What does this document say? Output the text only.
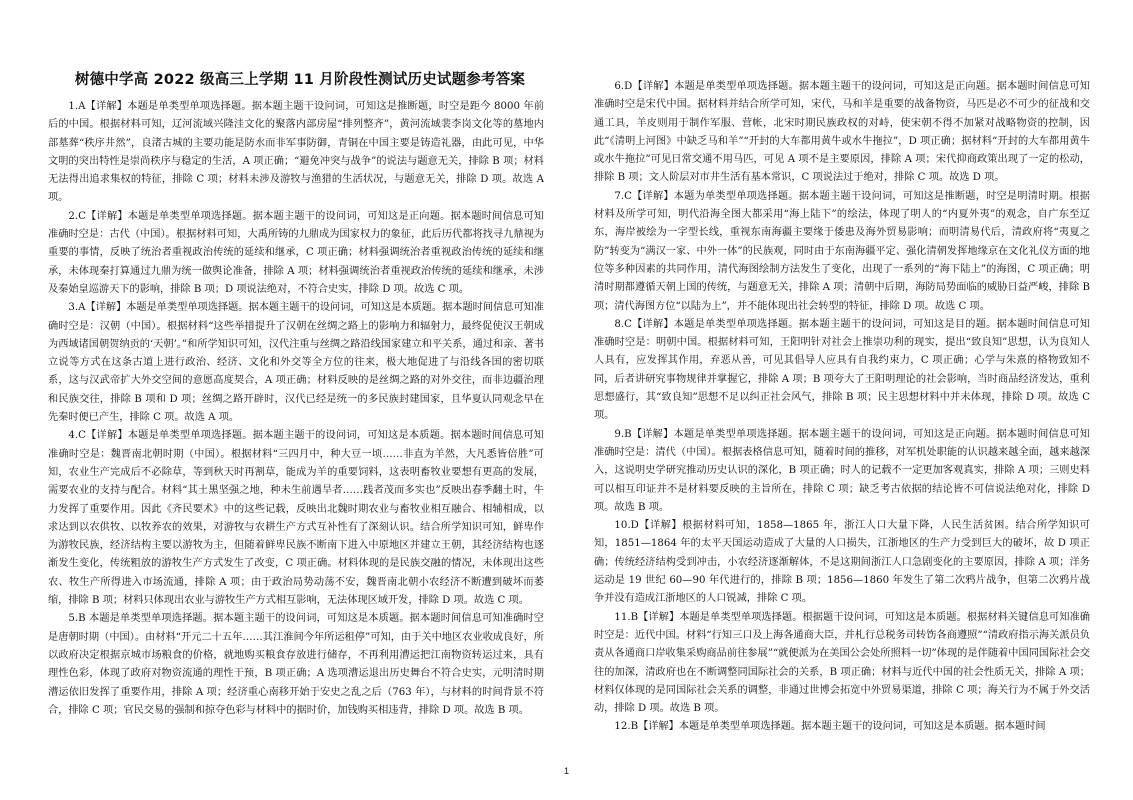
树德中学高 2022 级高三上学期 11 月阶段性测试历史试题参考答案

1.A【详解】本题是单类型单项选择题。据本题主题干设问词，可知这是推断题，时空是距今 8000 年前后的中国。根据材料可知，辽河流域兴隆洼文化的聚落内部房屋“排列整齐”，黄河流域裴李岗文化等的墓地内部墓葬“秩序井然”，良渚古城的主要功能是防水而非军事防御，青铜在中国主要是铸造礼器，由此可见，中华文明的突出特性是崇尚秩序与稳定的生活，A 项正确；“避免冲突与战争”的说法与题意无关，排除 B 项；材料无法得出追求集权的特征，排除 C 项；材料未涉及游牧与渔猎的生活状况，与题意无关，排除 D 项。故选 A 项。

2.C【详解】本题是单类型单项选择题。据本题主题干的设问词，可知这是正向题。据本题时间信息可知准确时空是：古代（中国）。根据材料可知，大禹所铸的九鼎成为国家权力的象征，此后历代都将找寻九鼎视为重要的事情，反映了统治者重视政治传统的延续和继承，C 项正确；材料强调统治者重视政治传统的延续和继承，未体现秦打算通过九鼎为统一做舆论准备，排除 A 项；材料强调统治者重视政治传统的延续和继承，未涉及秦始皇巡游天下的影响，排除 B 项；D 项说法绝对，不符合史实，排除 D 项。故选 C 项。

3.A【详解】本题是单类型单项选择题。据本题主题干的设问词，可知这是本质题。据本题时间信息可知准确时空是：汉朝（中国）。根据材料“这些举措提升了汉朝在丝绸之路上的影响力和辐射力，最终促使汉王朝成为西域诸国朝贺纳贡的‘天朝’。”和所学知识可知，汉代注重与丝绸之路沿线国家建立和平关系，通过和亲、著书立说等方式在这条古道上进行政治、经济、文化和外交等全方位的往来，极大地促进了与沿线各国的密切联系，这与汉武帝扩大外交空间的意愿高度契合，A 项正确；材料反映的是丝绸之路的对外交往，而非边疆治理和民族交往，排除 B 项和 D 项；丝绸之路开辟时，汉代已经是统一的多民族封建国家，且华夏认同观念早在先秦时便已产生，排除 C 项。故选 A 项。

4.C【详解】本题是单类型单项选择题。据本题主题干的设问词，可知这是本质题。据本题时间信息可知准确时空是：魏晋南北朝时期（中国）。根据材料“三四月中，种大豆一顷……非直为羊然，大凡悉皆倍胜”可知，农业生产完成后不必除草，等到秋天时再割草，能成为羊的重要饲料，这表明畜牧业要想有更高的发展，需要农业的支持与配合。材料“其土黑坚强之地，种未生前遇旱者……践者茂而多实也”反映出春季翻土时，牛力发挥了重要作用。因此《齐民要术》中的这些记载，反映出北魏时期农业与畜牧业相互融合、相辅相成，以求达到以农供牧、以牧养农的效果，对游牧与农耕生产方式互补性有了深刻认识。结合所学知识可知，鲜卑作为游牧民族，经济结构主要以游牧为主，但随着鲜卑民族不断南下进入中原地区并建立王朝，其经济结构也逐渐发生变化，传统粗放的游牧生产方式发生了改变，C 项正确。材料体现的是民族交融的情况，未体现出这些农、牧生产所得进入市场流通，排除 A 项；由于政治局势动荡不安，魏晋南北朝小农经济不断遭到破坏而萎缩，排除 B 项；材料只体现出农业与游牧生产方式相互影响，无法体现区域开发，排除 D 项。故选 C 项。

5.B 本题是单类型单项选择题。据本题主题干的设问词，可知这是本质题。据本题时间信息可知准确时空是唐朝时期（中国）。由材料“开元二十五年……其江淮间今年所运租停”可知，由于关中地区农业收成良好，所以政府决定根据京城市场粮食的价格，就地购买粮食存放进行储存，不再利用漕运把江南物资转运过来，具有理性色彩，体现了政府对物资流通的理性干预，B 项正确；A 选项漕运退出历史舞台不符合史实，元明清时期漕运依旧发挥了重要作用，排除 A 项；经济重心南移开始于安史之乱之后（763 年），与材料的时间背景不符合，排除 C 项；官民交易的强制和掠夺色彩与材料中的据时价，加钱购买相违背，排除 D 项。故选 B 项。

6.D【详解】本题是单类型单项选择题。据本题主题干的设问词，可知这是正向题。据本题时间信息可知准确时空是宋代中国。据材料并结合所学可知，宋代，马和羊是重要的战备物资，马匹是必不可少的征战和交通工具，羊皮则用于制作军服、营帐，北宋时期民族政权的对峙，使宋朝不得不加紧对战略物资的控制，因此“《清明上河图》中缺乏马和羊”“开封的大车都用黄牛或水牛拖拉”，D 项正确；据材料“开封的大车都用黄牛或水牛拖拉”可见日常交通不用马匹，可见 A 项不是主要原因，排除 A 项；宋代抑商政策出现了一定的松动，排除 B 项；文人阶层对市井生活有基本常识，C 项说法过于绝对，排除 C 项。故选 D 项。

7.C【详解】本题为单类型单项选择题。据本题主题干设问词，可知这是推断题，时空是明清时期。根据材料及所学可知，明代沿海全图大都采用“海上陆下”的绘法，体现了明人的“内夏外夷”的观念，自广东至辽东，海岸被绘为一字型长线，重视东南海疆主要缘于倭患及海外贸易影响；而明清易代后，清政府将“夷夏之防”转变为“满汉一家、中外一体”的民族观，同时由于东南海疆平定、强化清朝发挥地缘京在文化礼仪方面的地位等多种因素的共同作用，清代海图绘制方法发生了变化，出现了一系列的“海下陆上”的海图，C 项正确；明清时期都遵循天朝上国的传统，与题意无关，排除 A 项；清朝中后期，海防局势面临的威胁日益严峻，排除 B 项；清代海图方位“以陆为上”，并不能体现出社会转型的特征，排除 D 项。故选 C 项。

8.C【详解】本题是单类型单项选择题。据本题主题干的设问词，可知这是目的题。据本题时间信息可知准确时空是：明朝中国。根据材料可知，王阳明针对社会上推崇功利的现实，提出“致良知”思想，认为良知人人具有，应发挥其作用，弃恶从善，可见其倡导人应具有自我约束力，C 项正确；心学与朱熹的格物致知不同，后者讲研究事物规律并掌握它，排除 A 项；B 项夸大了王阳明理论的社会影响，当时商品经济发达，重利思想盛行，其“致良知”思想不足以纠正社会风气，排除 B 项；民主思想材料中并未体现，排除 D 项。故选 C 项。

9.B【详解】本题是单类型单项选择题。据本题主题干的设问词，可知这是正向题。据本题时间信息可知准确时空是：清代（中国）。根据表格信息可知，随着时间的推移，对军机处职能的认识越来越全面，越来越深入，这说明史学研究推动历史认识的深化，B 项正确；时人的记载不一定更加客观真实，排除 A 项；三则史料可以相互印证并不是材料要反映的主旨所在，排除 C 项；缺乏考古依据的结论皆不可信说法绝对化，排除 D 项。故选 B 项。

10.D【详解】根据材料可知，1858—1865 年，浙江人口大量下降，人民生活贫困。结合所学知识可知，1851—1864 年的太平天国运动造成了大量的人口损失，江浙地区的生产力受到巨大的破坏，故 D 项正确；传统经济结构受到冲击，小农经济逐渐解体，不是这期间浙江人口急剧变化的主要原因，排除 A 项；洋务运动是 19 世纪 60—90 年代进行的，排除 B 项；1856—1860 年发生了第二次鸦片战争，但第二次鸦片战争并没有造成江浙地区的人口锐减，排除 C 项。

11.B【详解】本题是单类型单项选择题。根据题干设问词，可知这是本质题。根据材料关键信息可知准确时空是：近代中国。材料“行知三口及上海各通商大臣，并札行总税务司转饬各商遵照”“清政府指示海关派员负责从各通商口岸收集采购商品前往参展”“就便派为在美国公会处所照料一切”体现的是伴随着中国同国际社会交往的加深，清政府也在不断调整同国际社会的关系，B 项正确；材料与近代中国的社会性质无关，排除 A 项；材料仅体现的是同国际社会关系的调整，非通过世博会拓宽中外贸易渠道，排除 C 项；海关行为不属于外交活动，排除 D 项。故选 B 项。

12.B【详解】本题是单类型单项选择题。据本题主题干的设问词，可知这是本质题。据本题时间

1
